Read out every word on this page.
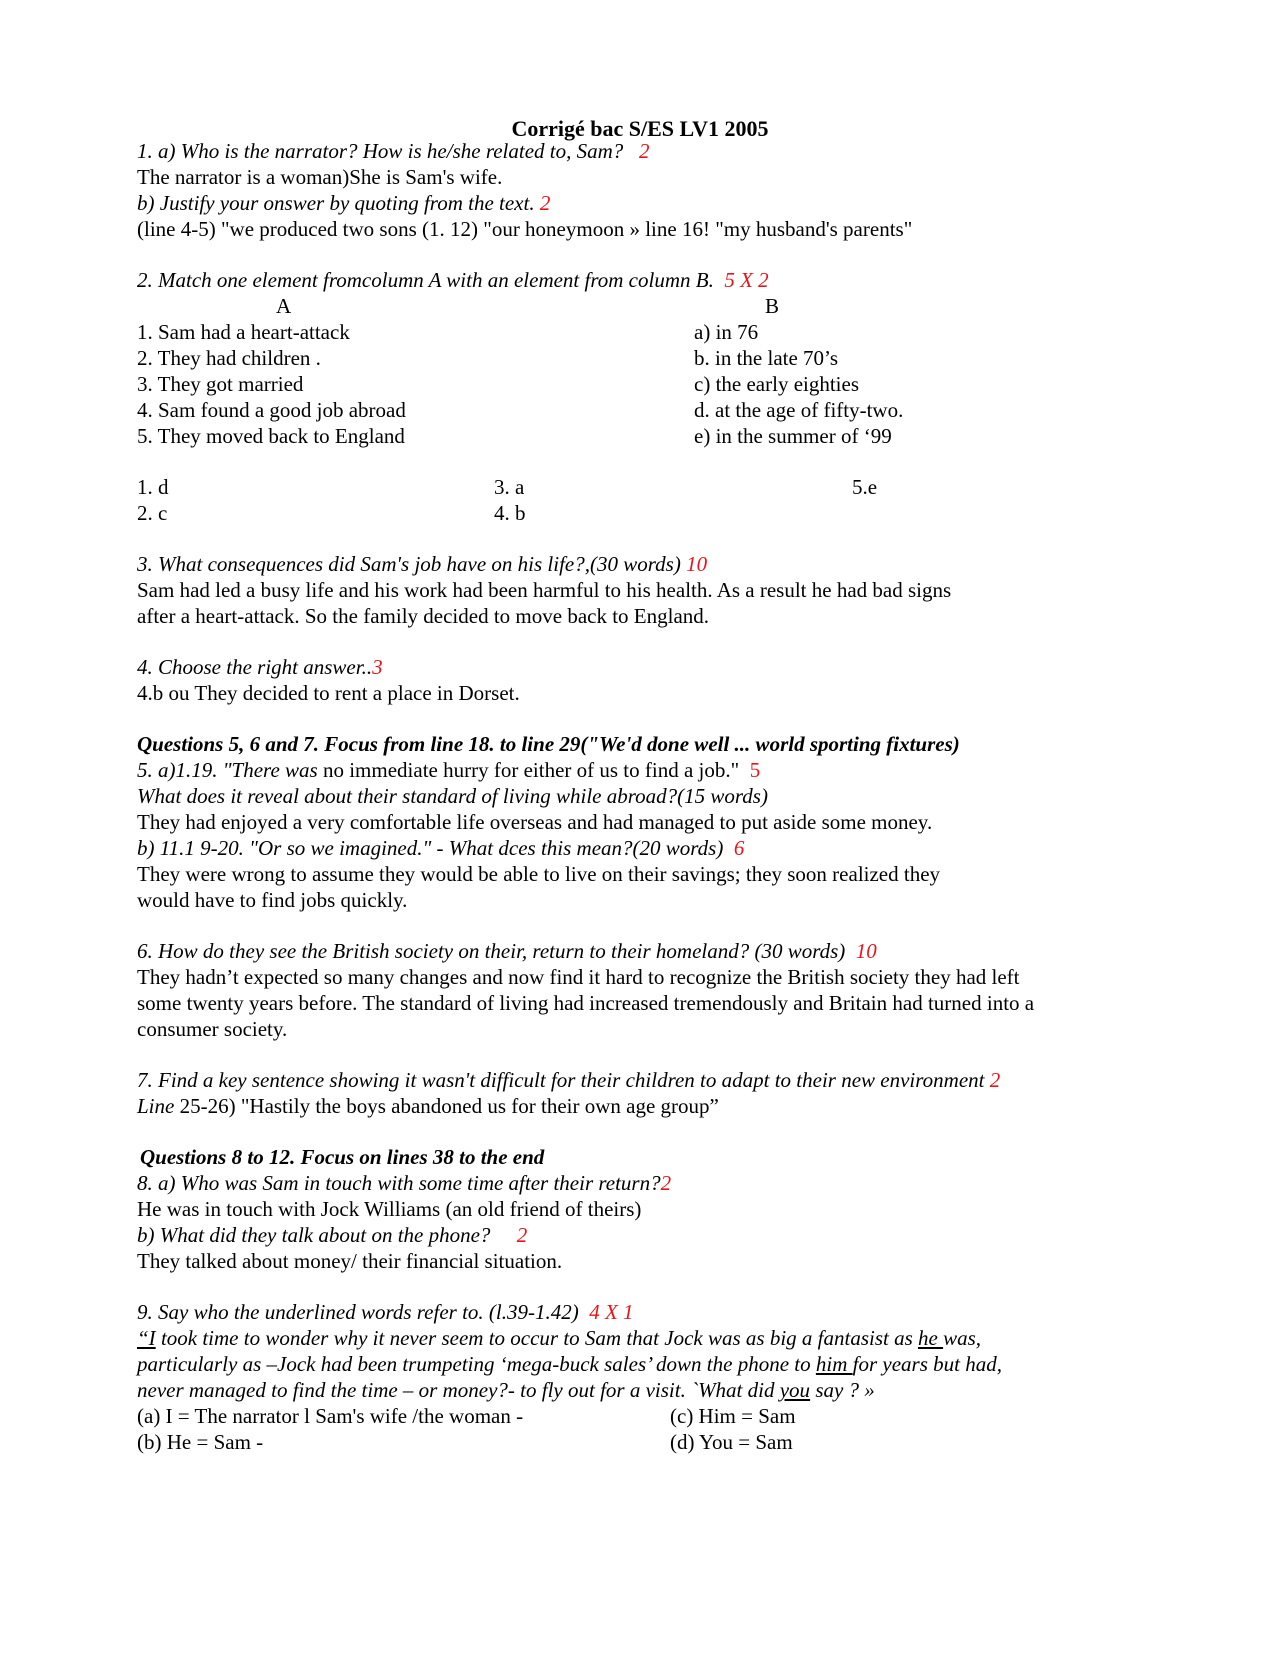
Corrigé bac S/ES LV1 2005
1. a) Who is the narrator? How is he/she related to, Sam? 2
The narrator is a woman)She is Sam's wife.
b) Justify your onswer by quoting from the text. 2
(line 4-5) "we produced two sons (1. 12) "our honeymoon » line 16! "my husband's parents"
2. Match one element fromcolumn A with an element from column B. 5 X 2
A	B
1. Sam had a heart-attack
2. They had children .
3. They got married
4. Sam found a good job abroad
5. They moved back to England
a) in 76
b. in the late 70’s
c) the early eighties
d. at the age of fifty-two.
e) in the summer of ‘99
1. d
2. c
3. a
4. b
5.e
3. What consequences did Sam's job have on his life?,(30 words) 10
Sam had led a busy life and his work had been harmful to his health. As a result he had bad signs
after a heart-attack. So the family decided to move back to England.
4. Choose the right answer..3
4.b ou They decided to rent a place in Dorset.
Questions 5, 6 and 7. Focus from line 18. to line 29("We'd done well ... world sporting fixtures)
5. a)1.19. "There was no immediate hurry for either of us to find a job." 5
What does it reveal about their standard of living while abroad?(15 words)
They had enjoyed a very comfortable life overseas and had managed to put aside some money.
b) 11.1 9-20. "Or so we imagined." - What dces this mean?(20 words) 6
They were wrong to assume they would be able to live on their savings; they soon realized they
would have to find jobs quickly.
6. How do they see the British society on their, return to their homeland? (30 words) 10
They hadn’t expected so many changes and now find it hard to recognize the British society they had left
some twenty years before. The standard of living had increased tremendously and Britain had turned into a
consumer society.
7. Find a key sentence showing it wasn't difficult for their children to adapt to their new environment 2
Line 25-26) "Hastily the boys abandoned us for their own age group”
Questions 8 to 12. Focus on lines 38 to the end
8. a) Who was Sam in touch with some time after their return?2
He was in touch with Jock Williams (an old friend of theirs)
b) What did they talk about on the phone? 2
They talked about money/ their financial situation.
9. Say who the underlined words refer to. (l.39-1.42) 4 X 1
“I took time to wonder why it never seem to occur to Sam that Jock was as big a fantasist as he was,
particularly as –Jock had been trumpeting ‘mega-buck sales’ down the phone to him for years but had,
never managed to find the time – or money?- to fly out for a visit. `What did you say ? »
(a) I = The narrator l Sam's wife /the woman -
(b) He = Sam -
(c) Him = Sam
(d) You = Sam
